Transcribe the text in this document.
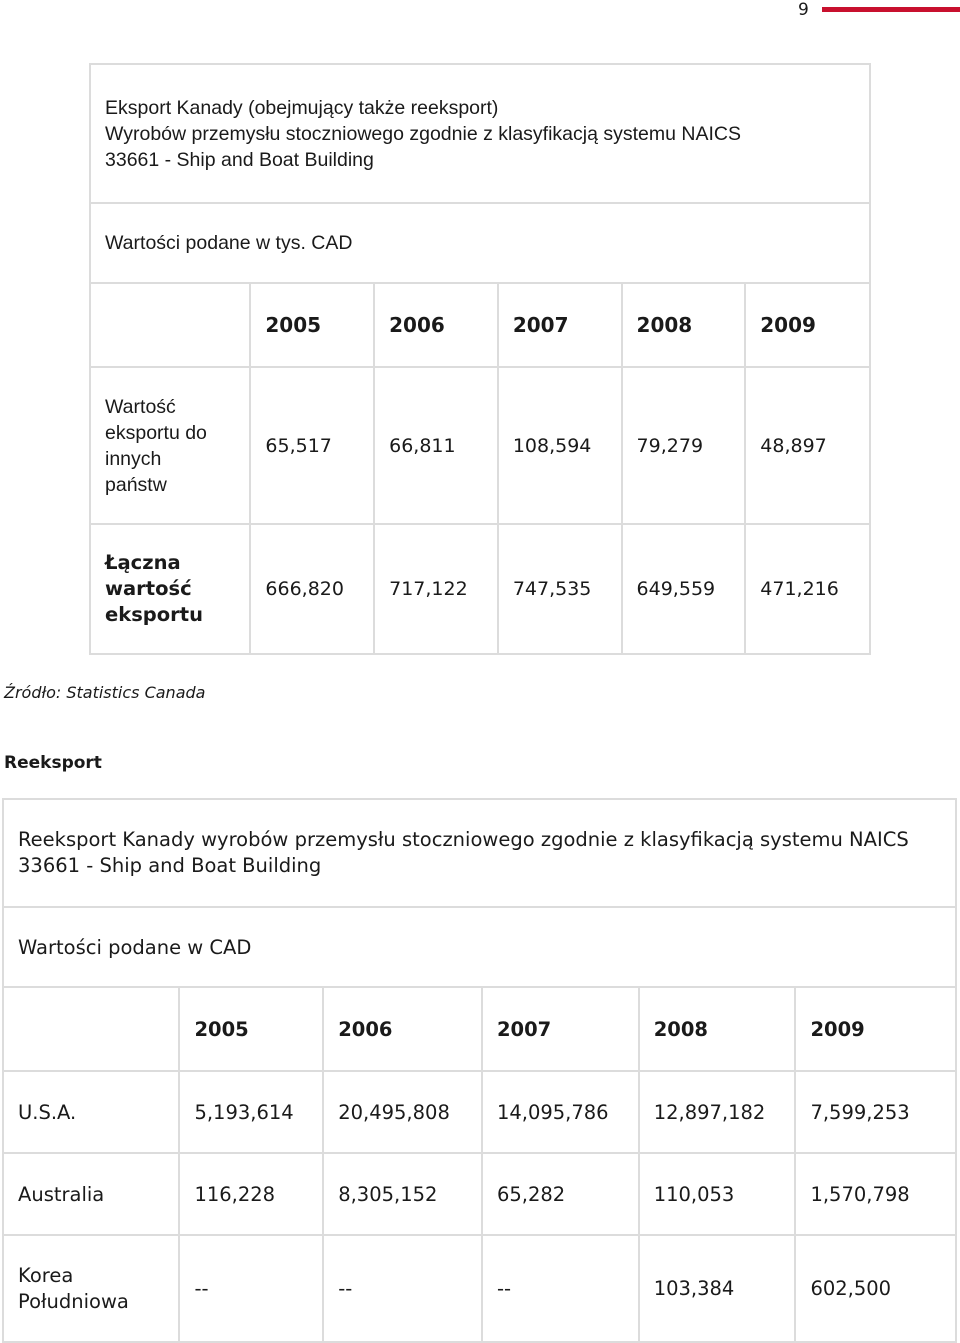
9
Eksport Kanady (obejmujący także reeksport)
Wyrobów przemysłu stoczniowego zgodnie z klasyfikacją systemu NAICS
33661 - Ship and Boat Building					

Wartości podane w tys. CAD					
	2005	2006	2007	2008	2009

Wartość
eksportu do
innych
państw	65,517	66,811	108,594	79,279	48,897

Łączna
wartość
eksportu	666,820	717,122	747,535	649,559	471,216
Źródło: Statistics Canada
Reeksport
Reeksport Kanady wyrobów przemysłu stoczniowego zgodnie z klasyfikacją systemu NAICS
33661 - Ship and Boat Building					

Wartości podane w CAD					
	2005	2006	2007	2008	2009
U.S.A.	5,193,614	20,495,808	14,095,786	12,897,182	7,599,253
Australia	116,228	8,305,152	65,282	110,053	1,570,798

Korea
Południowa	--	--	--	103,384	602,500
